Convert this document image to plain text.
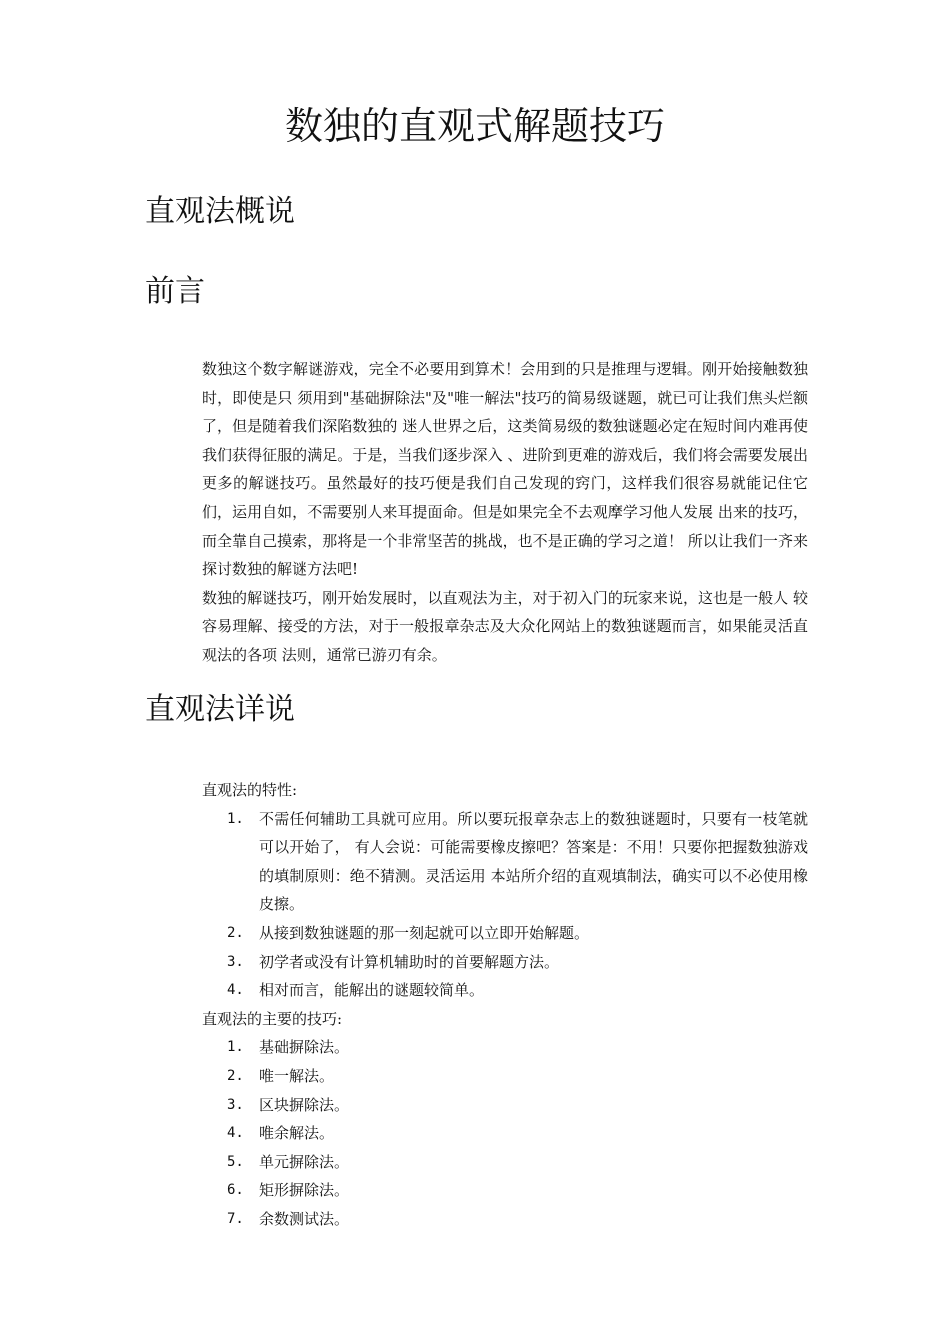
数独的直观式解题技巧
直观法概说
前言

数独这个数字解谜游戏，完全不必要用到算术！会用到的只是推理与逻辑。刚开始接触数独时，即使是只 须用到"基础摒除法"及"唯一解法"技巧的简易级谜题，就已可让我们焦头烂额了，但是随着我们深陷数独的 迷人世界之后，这类简易级的数独谜题必定在短时间内难再使我们获得征服的满足。于是，当我们逐步深入 、进阶到更难的游戏后，我们将会需要发展出更多的解谜技巧。虽然最好的技巧便是我们自己发现的窍门，这样我们很容易就能记住它们，运用自如，不需要别人来耳提面命。但是如果完全不去观摩学习他人发展 出来的技巧，而全靠自己摸索，那将是一个非常坚苦的挑战，也不是正确的学习之道！ 所以让我们一齐来探讨数独的解谜方法吧!

数独的解谜技巧，刚开始发展时，以直观法为主，对于初入门的玩家来说，这也是一般人 较容易理解、接受的方法，对于一般报章杂志及大众化网站上的数独谜题而言，如果能灵活直观法的各项 法则，通常已游刃有余。

直观法详说

直观法的特性:

1. 不需任何辅助工具就可应用。所以要玩报章杂志上的数独谜题时，只要有一枝笔就可以开始了， 有人会说：可能需要橡皮擦吧？答案是：不用！只要你把握数独游戏的填制原则：绝不猜测。灵活运用 本站所介绍的直观填制法，确实可以不必使用橡皮擦。
2. 从接到数独谜题的那一刻起就可以立即开始解题。
3. 初学者或没有计算机辅助时的首要解题方法。
4. 相对而言，能解出的谜题较简单。

直观法的主要的技巧:

1. 基础摒除法。
2. 唯一解法。
3. 区块摒除法。
4. 唯余解法。
5. 单元摒除法。
6. 矩形摒除法。
7. 余数测试法。
